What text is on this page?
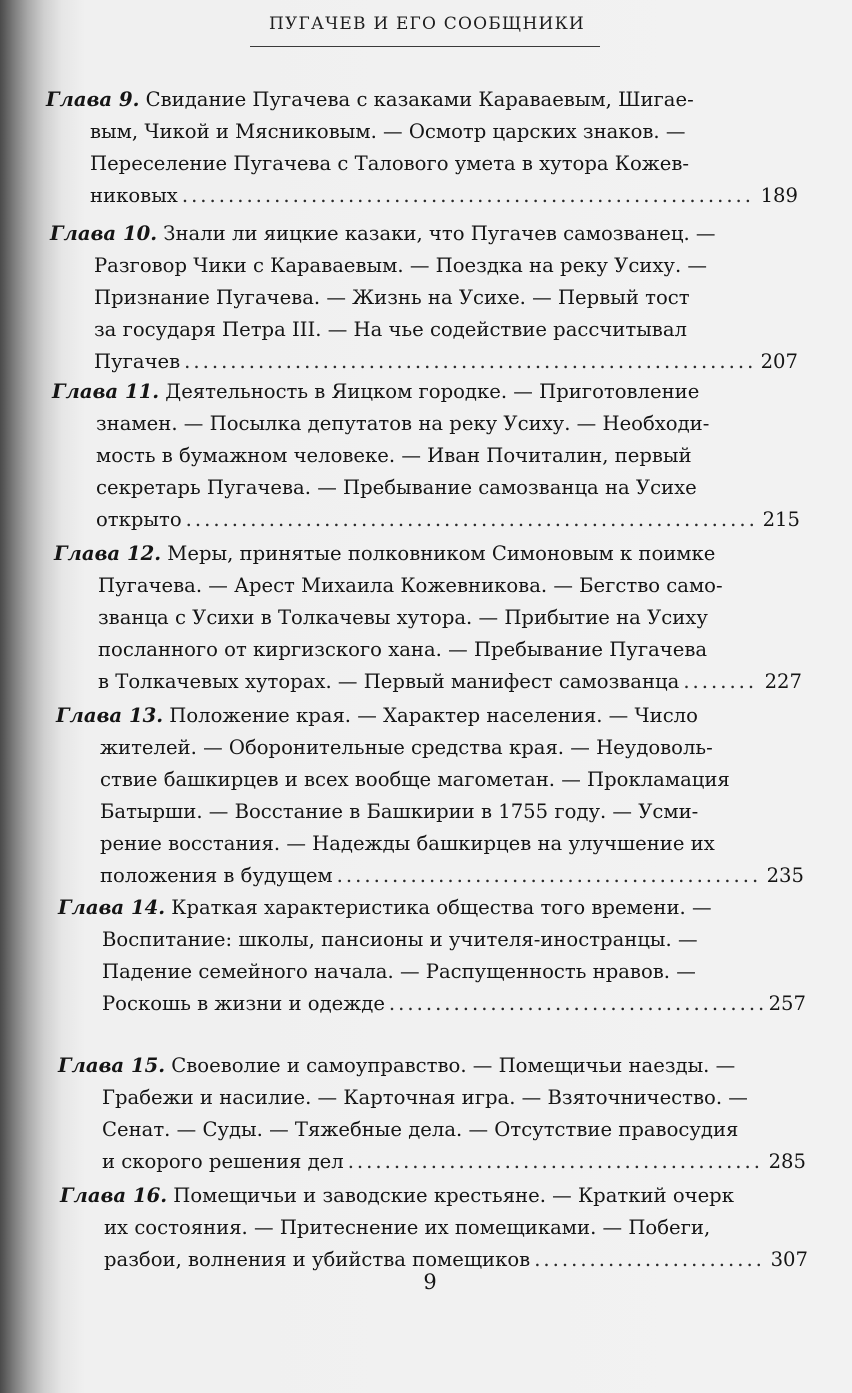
ПУГАЧЕВ И ЕГО СООБЩНИКИ
Глава 9. Свидание Пугачева с казаками Караваевым, Шигае-
вым, Чикой и Мясниковым. — Осмотр царских знаков. —
Переселение Пугачева с Талового умета в хутора Кожев-
никовых .....	189
Глава 10. Знали ли яицкие казаки, что Пугачев самозванец. —
Разговор Чики с Караваевым. — Поездка на реку Усиху. —
Признание Пугачева. — Жизнь на Усихе. — Первый тост
за государя Петра III. — На чье содействие рассчитывал
Пугачев .....	207
Глава 11. Деятельность в Яицком городке. — Приготовление
знамен. — Посылка депутатов на реку Усиху. — Необходи-
мость в бумажном человеке. — Иван Почиталин, первый
секретарь Пугачева. — Пребывание самозванца на Усихе
открыто .....	215
Глава 12. Меры, принятые полковником Симоновым к поимке
Пугачева. — Арест Михаила Кожевникова. — Бегство само-
званца с Усихи в Толкачевы хутора. — Прибытие на Усиху
посланного от киргизского хана. — Пребывание Пугачева
в Толкачевых хуторах. — Первый манифест самозванца .....	227
Глава 13. Положение края. — Характер населения. — Число
жителей. — Оборонительные средства края. — Неудоволь-
ствие башкирцев и всех вообще магометан. — Прокламация
Батырши. — Восстание в Башкирии в 1755 году. — Усми-
рение восстания. — Надежды башкирцев на улучшение их
положения в будущем .....	235
Глава 14. Краткая характеристика общества того времени. —
Воспитание: школы, пансионы и учителя-иностранцы. —
Падение семейного начала. — Распущенность нравов. —
Роскошь в жизни и одежде .....	257
Глава 15. Своеволие и самоуправство. — Помещичьи наезды. —
Грабежи и насилие. — Карточная игра. — Взяточничество. —
Сенат. — Суды. — Тяжебные дела. — Отсутствие правосудия
и скорого решения дел .....	285
Глава 16. Помещичьи и заводские крестьяне. — Краткий очерк
их состояния. — Притеснение их помещиками. — Побеги,
разбои, волнения и убийства помещиков .....	307
9
